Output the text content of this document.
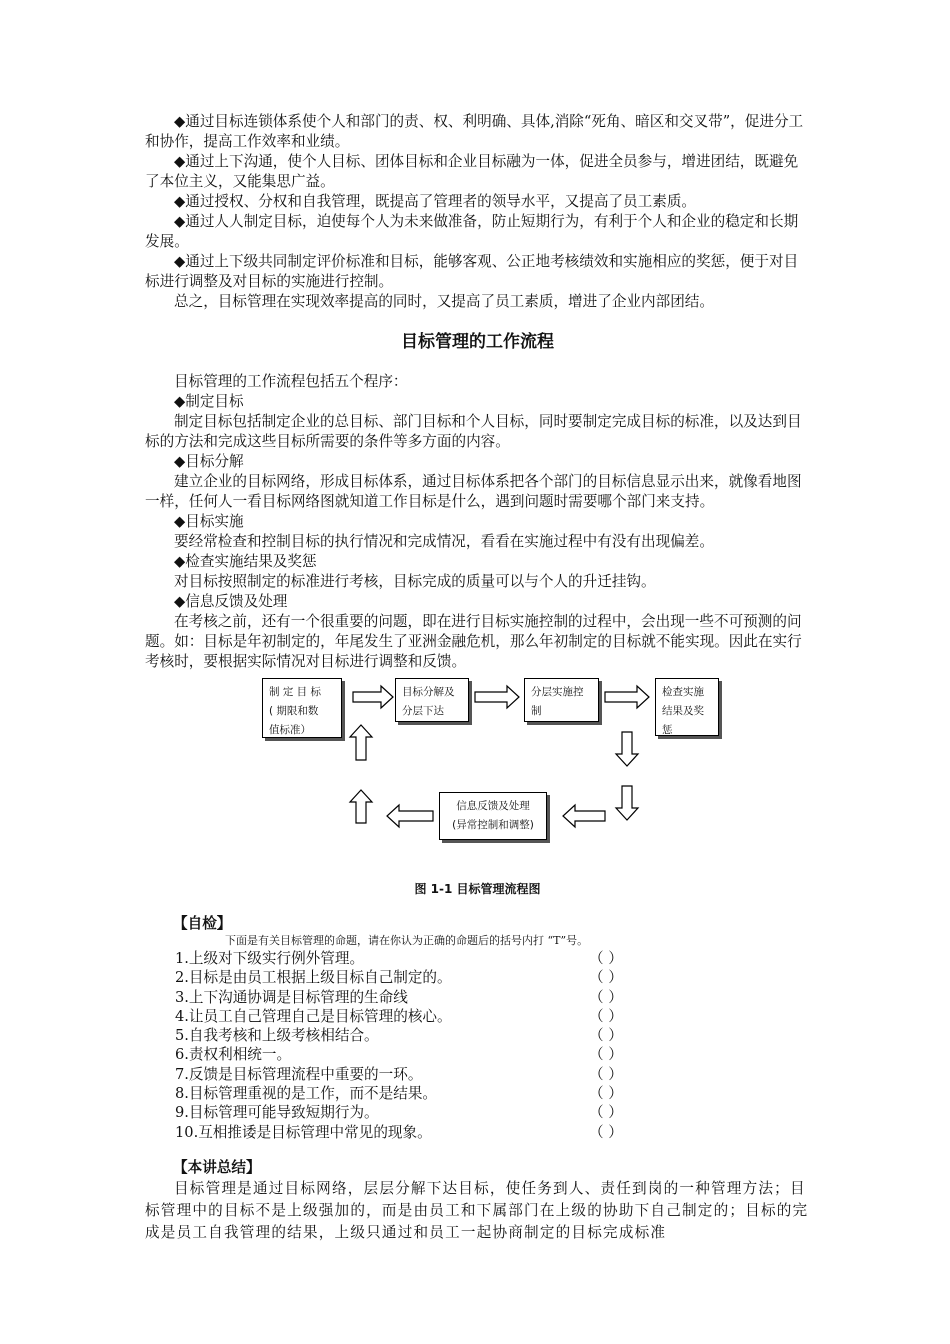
◆通过目标连锁体系使个人和部门的责、权、利明确、具体,消除“死角、暗区和交叉带”，促进分工和协作，提高工作效率和业绩。

◆通过上下沟通，使个人目标、团体目标和企业目标融为一体，促进全员参与，增进团结，既避免了本位主义，又能集思广益。

◆通过授权、分权和自我管理，既提高了管理者的领导水平，又提高了员工素质。

◆通过人人制定目标，迫使每个人为未来做准备，防止短期行为，有利于个人和企业的稳定和长期发展。

◆通过上下级共同制定评价标准和目标，能够客观、公正地考核绩效和实施相应的奖惩，便于对目标进行调整及对目标的实施进行控制。

总之，目标管理在实现效率提高的同时，又提高了员工素质，增进了企业内部团结。

目标管理的工作流程

目标管理的工作流程包括五个程序：

◆制定目标

制定目标包括制定企业的总目标、部门目标和个人目标，同时要制定完成目标的标准，以及达到目标的方法和完成这些目标所需要的条件等多方面的内容。

◆目标分解

建立企业的目标网络，形成目标体系，通过目标体系把各个部门的目标信息显示出来，就像看地图一样，任何人一看目标网络图就知道工作目标是什么，遇到问题时需要哪个部门来支持。

◆目标实施

要经常检查和控制目标的执行情况和完成情况，看看在实施过程中有没有出现偏差。

◆检查实施结果及奖惩

对目标按照制定的标准进行考核，目标完成的质量可以与个人的升迁挂钩。

◆信息反馈及处理

在考核之前，还有一个很重要的问题，即在进行目标实施控制的过程中，会出现一些不可预测的问题。如：目标是年初制定的，年尾发生了亚洲金融危机，那么年初制定的目标就不能实现。因此在实行考核时，要根据实际情况对目标进行调整和反馈。

制 定 目 标
( 期限和数
值标准）
目标分解及
分层下达
分层实施控
制
检查实施
结果及奖
惩
信息反馈及处理
(异常控制和调整)
图 1-1 目标管理流程图
【自检】
下面是有关目标管理的命题，请在你认为正确的命题后的括号内打 “T”号。
1.上级对下级实行例外管理。	（ ）
2.目标是由员工根据上级目标自己制定的。	（ ）
3.上下沟通协调是目标管理的生命线	（ ）
4.让员工自己管理自己是目标管理的核心。	（ ）
5.自我考核和上级考核相结合。	（ ）
6.责权利相统一。	（ ）
7.反馈是目标管理流程中重要的一环。	（ ）
8.目标管理重视的是工作，而不是结果。	（ ）
9.目标管理可能导致短期行为。	（ ）
10.互相推诿是目标管理中常见的现象。	（ ）
【本讲总结】

目标管理是通过目标网络，层层分解下达目标，使任务到人、责任到岗的一种管理方法；目标管理中的目标不是上级强加的，而是由员工和下属部门在上级的协助下自己制定的；目标的完成是员工自我管理的结果，上级只通过和员工一起协商制定的目标完成标准
